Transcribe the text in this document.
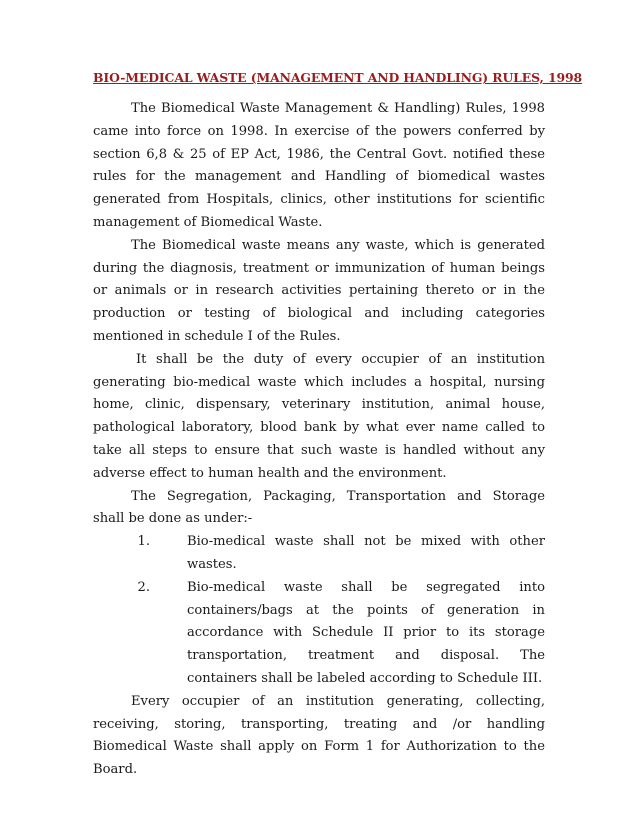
BIO-MEDICAL WASTE (MANAGEMENT AND HANDLING) RULES, 1998

The Biomedical Waste Management & Handling) Rules, 1998 came into force on 1998. In exercise of the powers conferred by section 6,8 & 25 of EP Act, 1986, the Central Govt. notified these rules for the management and Handling of biomedical wastes generated from Hospitals, clinics, other institutions for scientific management of Biomedical Waste.

The Biomedical waste means any waste, which is generated during the diagnosis, treatment or immunization of human beings or animals or in research activities pertaining thereto or in the production or testing of biological and including categories mentioned in schedule I of the Rules.

It shall be the duty of every occupier of an institution generating bio-medical waste which includes a hospital, nursing home, clinic, dispensary, veterinary institution, animal house, pathological laboratory, blood bank by what ever name called to take all steps to ensure that such waste is handled without any adverse effect to human health and the environment.

The Segregation, Packaging, Transportation and Storage shall be done as under:-

1.	Bio-medical waste shall not be mixed with other wastes.
2.	Bio-medical waste shall be segregated into containers/bags at the points of generation in accordance with Schedule II prior to its storage transportation, treatment and disposal. The containers shall be labeled according to Schedule III.

Every occupier of an institution generating, collecting, receiving, storing, transporting, treating and /or handling Biomedical Waste shall apply on Form 1 for Authorization to the Board.
